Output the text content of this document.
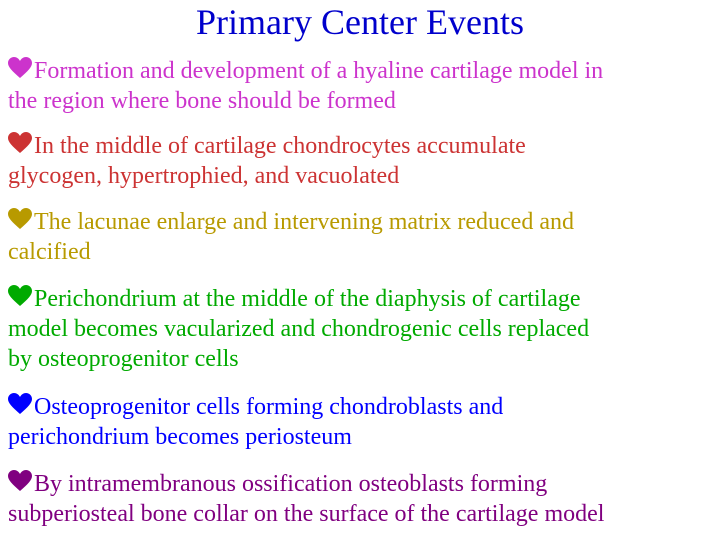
Primary Center Events
Formation and development of a hyaline cartilage model in
the region where bone should be formed
In the middle of cartilage chondrocytes accumulate
glycogen, hypertrophied, and vacuolated
The lacunae enlarge and intervening matrix reduced and
calcified
Perichondrium at the middle of the diaphysis of cartilage
model becomes vacularized and chondrogenic cells replaced
by osteoprogenitor cells
Osteoprogenitor cells forming chondroblasts and
perichondrium becomes periosteum
By intramembranous ossification osteoblasts forming
subperiosteal bone collar on the surface of the cartilage model
